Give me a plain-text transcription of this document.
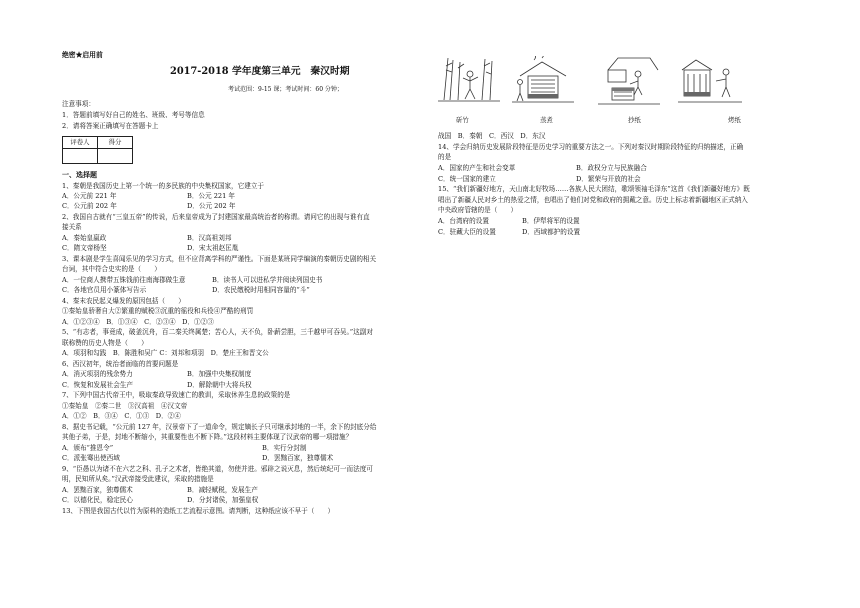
绝密★启用前
2017-2018 学年度第三单元　秦汉时期
考试范围：9-15 课；考试时间：60 分钟；
注意事项：
1．答题前填写好自己的姓名、班级、考号等信息
2．请将答案正确填写在答题卡上
评卷人	得分

一、选择题
1、秦朝是我国历史上第一个统一的多民族的中央集权国家，它建立于
A．公元前 221 年	B．公元 221 年
C．公元前 202 年	D．公元 202 年
2、我国自古就有“三皇五帝”的传说，后来皇帝成为了封建国家最高统治者的称谓。请问它的出现与谁有直
接关系
A．秦始皇嬴政	B．汉高祖刘邦
C．隋文帝杨坚	D．宋太祖赵匡胤
3、课本剧是学生喜闻乐见的学习方式，但不应背离学科的严谨性。下面是某班同学编演的秦朝历史剧的相关
台词，其中符合史实的是（　　）
A．一位商人携带五铢钱前往南海郡做生意	B．读书人可以进私学并阅读列国史书
C．各地官员用小篆体写告示	D．农民缴税时用相同容量的“斗”
4、秦末农民起义爆发的原因包括（　　）
①秦始皇骄奢自大②繁重的赋税③沉重的徭役和兵役④严酷的刑罚
A．①②③④　B．①③④　C．②③④　D．①②③
5、“有志者，事竟成，破釜沉舟，百二秦关终属楚；苦心人，天不负，卧薪尝胆，三千越甲可吞吴。”这副对
联称赞的历史人物是（　　）
A．项羽和勾践　B．陈胜和吴广 C：刘邦和项羽　D．楚庄王和晋文公
6、西汉初年，统治者面临的首要问题是
A．消灭项羽的残余势力	B．加强中央集权制度
C．恢复和发展社会生产	D．解除朝中大将兵权
7、下列中国古代帝王中，吸取秦政导致速亡的教训，采取休养生息的政策的是
①秦始皇　②秦二世　③汉高祖　④汉文帝
A．①②　B．③④　C．①③　D．②④
8、据史书记载，“公元前 127 年，汉景帝下了一道命令，规定嫡长子只可继承封地的一半，余下的封底分给
其他子弟，于是，封地不断缩小，其重要性也不断下降。”这段材料主要体现了汉武帝的哪一项措施？
A．颁布“推恩令”	B．实行分封制
C．派张骞出使西域	D．罢黜百家，独尊儒术
9、“臣愚以为诸不在六艺之科、孔子之术者，皆绝其道，勿使并进。邪辟之说灭息，然后统纪可一而法度可
明，民知所从矣。”汉武帝接受此建议，采取的措施是
A．罢黜百家，独尊儒术	B．减轻赋税，发展生产
C．以德化民，稳定民心	D．分封诸侯，加强皇权
13、下图是我国古代以竹为原料的造纸工艺流程示意图。请判断，这种纸应该不早于（　　）
斫竹	蒸煮	抄纸	烤纸
战国　B．秦朝　C．西汉　D．东汉
14、学会归纳历史发展阶段特征是历史学习的重要方法之一。下列对秦汉时期阶段特征的归纳描述，正确
的是
A．国家的产生和社会变革	B．政权分立与民族融合
C．统一国家的建立	D．繁荣与开放的社会
15、“我们新疆好地方，天山南北好牧场……各族人民大团结，歌颂领袖毛泽东”这首《我们新疆好地方》既
唱出了新疆人民对乡土的热爱之情，也唱出了他们对党和政府的拥戴之意。历史上标志着新疆地区正式纳入
中央政府管辖的是（　　）
A．台湾府的设置	B．伊犁将军的设置
C．驻藏大臣的设置	D．西域都护的设置
